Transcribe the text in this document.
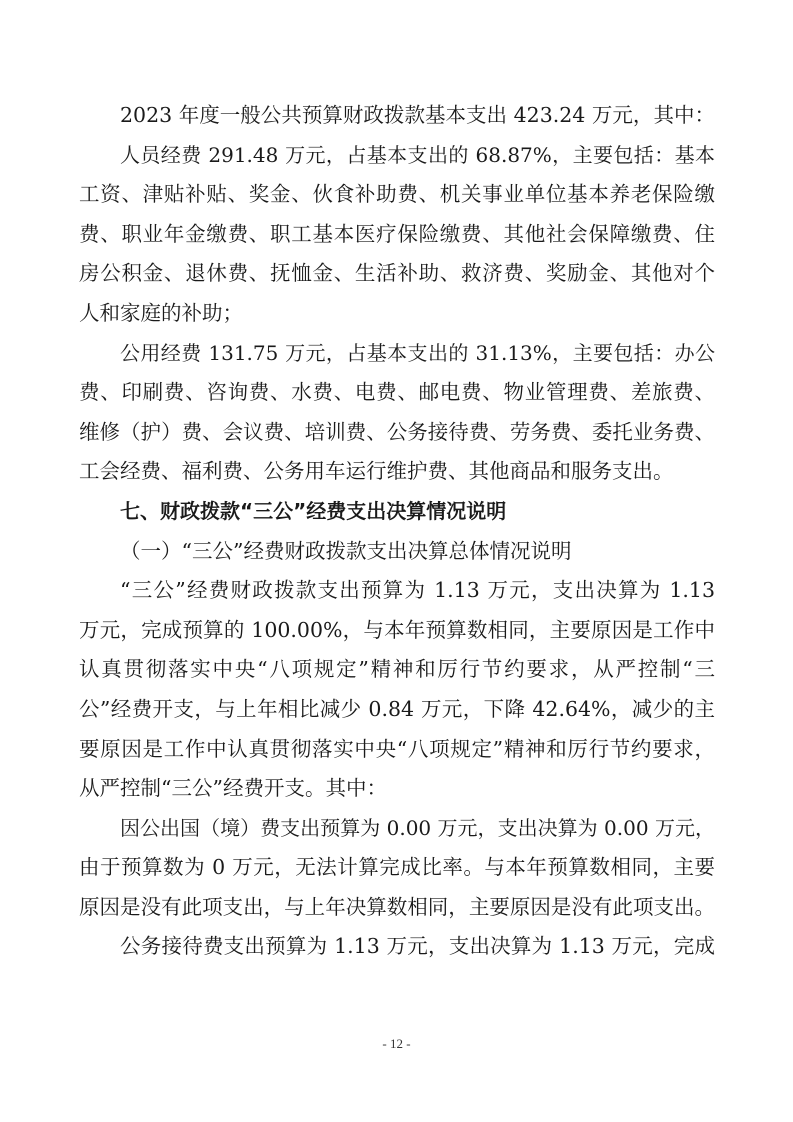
2023 年度一般公共预算财政拨款基本支出 423.24 万元，其中：
人员经费 291.48 万元，占基本支出的 68.87%，主要包括：基本
工资、津贴补贴、奖金、伙食补助费、机关事业单位基本养老保险缴
费、职业年金缴费、职工基本医疗保险缴费、其他社会保障缴费、住
房公积金、退休费、抚恤金、生活补助、救济费、奖励金、其他对个
人和家庭的补助；
公用经费 131.75 万元，占基本支出的 31.13%，主要包括：办公
费、印刷费、咨询费、水费、电费、邮电费、物业管理费、差旅费、
维修（护）费、会议费、培训费、公务接待费、劳务费、委托业务费、
工会经费、福利费、公务用车运行维护费、其他商品和服务支出。
七、财政拨款“三公”经费支出决算情况说明
（一）“三公”经费财政拨款支出决算总体情况说明
“三公”经费财政拨款支出预算为 1.13 万元，支出决算为 1.13
万元，完成预算的 100.00%，与本年预算数相同，主要原因是工作中
认真贯彻落实中央“八项规定”精神和厉行节约要求，从严控制“三
公”经费开支，与上年相比减少 0.84 万元，下降 42.64%，减少的主
要原因是工作中认真贯彻落实中央“八项规定”精神和厉行节约要求，
从严控制“三公”经费开支。其中：
因公出国（境）费支出预算为 0.00 万元，支出决算为 0.00 万元，
由于预算数为 0 万元，无法计算完成比率。与本年预算数相同，主要
原因是没有此项支出，与上年决算数相同，主要原因是没有此项支出。
公务接待费支出预算为 1.13 万元，支出决算为 1.13 万元，完成
- 12 -
